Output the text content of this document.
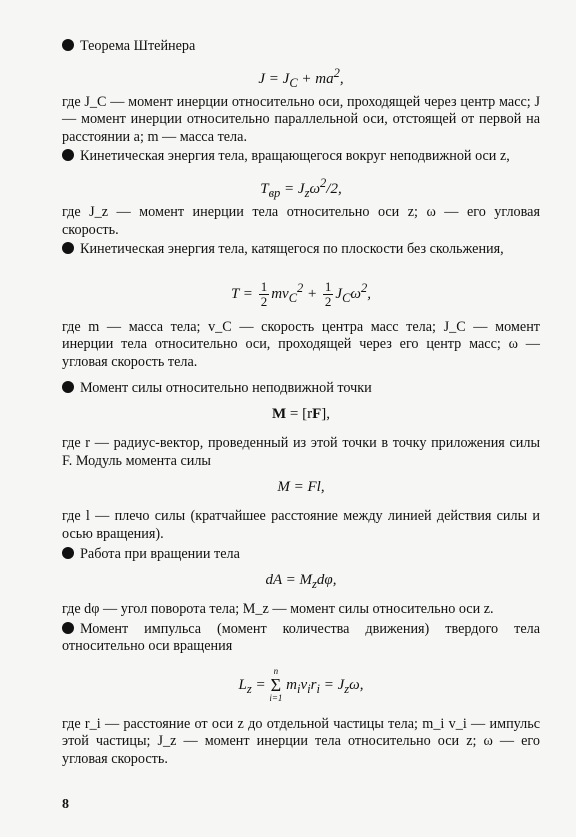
Теорема Штейнера

$J = J_C + ma^2$,

где J_C — момент инерции относительно оси, проходящей через центр масс; J — момент инерции относительно параллельной оси, отстоящей от первой на расстоянии a; m — масса тела.

Кинетическая энергия тела, вращающегося вокруг неподвижной оси z,

$T_{вр} = J_z\omega^2/2$,

где J_z — момент инерции тела относительно оси z; ω — его угловая скорость.

Кинетическая энергия тела, катящегося по плоскости без скольжения,

$T = \frac{1}{2} mv_C^2 + \frac{1}{2} J_C\omega^2$,

где m — масса тела; v_C — скорость центра масс тела; J_C — момент инерции тела относительно оси, проходящей через его центр масс; ω — угловая скорость тела.

Момент силы относительно неподвижной точки

M = [rF],

где r — радиус-вектор, проведенный из этой точки в точку приложения силы F. Модуль момента силы

M = Fl,

где l — плечо силы (кратчайшее расстояние между линией действия силы и осью вращения).

Работа при вращении тела

dA = $M_zd\varphi$,

где dφ — угол поворота тела; M_z — момент силы относительно оси z.

Момент импульса (момент количества движения) твердого тела относительно оси вращения

$L_z$ =
n
Σ
i=1
$m_iv_ir_i = J_z\omega$,

где r_i — расстояние от оси z до отдельной частицы тела; m_i v_i — импульс этой частицы; J_z — момент инерции тела относительно оси z; ω — его угловая скорость.

8
